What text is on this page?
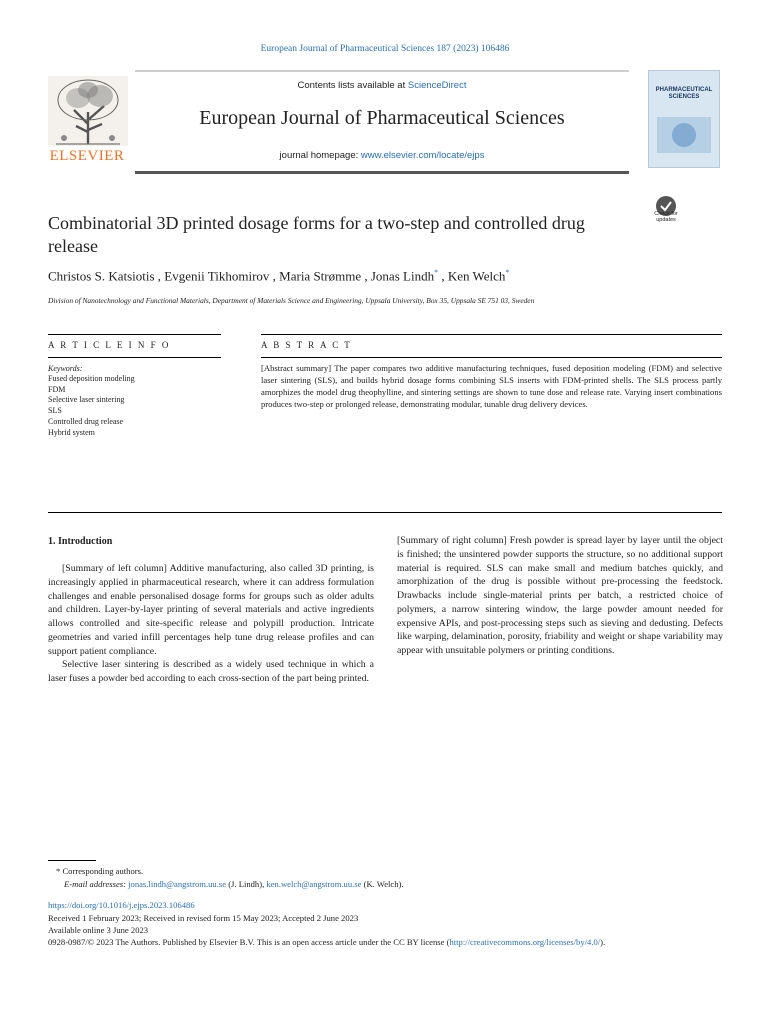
European Journal of Pharmaceutical Sciences 187 (2023) 106486
Contents lists available at ScienceDirect
European Journal of Pharmaceutical Sciences
journal homepage: www.elsevier.com/locate/ejps
ELSEVIER
PHARMACEUTICAL SCIENCES
Check for updates
Combinatorial 3D printed dosage forms for a two-step and controlled drug release
Christos S. Katsiotis , Evgenii Tikhomirov , Maria Strømme , Jonas Lindh* , Ken Welch*
Division of Nanotechnology and Functional Materials, Department of Materials Science and Engineering, Uppsala University, Box 35, Uppsala SE 751 03, Sweden
A R T I C L E I N F O	A B S T R A C T
Keywords:
Fused deposition modeling
FDM
Selective laser sintering
SLS
Controlled drug release
Hybrid system
[Abstract summary] The paper compares two additive manufacturing techniques, fused deposition modeling (FDM) and selective laser sintering (SLS), and builds hybrid dosage forms combining SLS inserts with FDM-printed shells. The SLS process partly amorphizes the model drug theophylline, and sintering settings are shown to tune dose and release rate. Varying insert combinations produces two-step or prolonged release, demonstrating modular, tunable drug delivery devices.
1. Introduction

[Summary of left column] Additive manufacturing, also called 3D printing, is increasingly applied in pharmaceutical research, where it can address formulation challenges and enable personalised dosage forms for groups such as older adults and children. Layer-by-layer printing of several materials and active ingredients allows controlled and site-specific release and polypill production. Intricate geometries and varied infill percentages help tune drug release profiles and can support patient compliance.

Selective laser sintering is described as a widely used technique in which a laser fuses a powder bed according to each cross-section of the part being printed.

[Summary of right column] Fresh powder is spread layer by layer until the object is finished; the unsintered powder supports the structure, so no additional support material is required. SLS can make small and medium batches quickly, and amorphization of the drug is possible without pre-processing the feedstock. Drawbacks include single-material prints per batch, a restricted choice of polymers, a narrow sintering window, the large powder amount needed for expensive APIs, and post-processing steps such as sieving and dedusting. Defects like warping, delamination, porosity, friability and weight or shape variability may appear with unsuitable polymers or printing conditions.

* Corresponding authors.
E-mail addresses: jonas.lindh@angstrom.uu.se (J. Lindh), ken.welch@angstrom.uu.se (K. Welch).
https://doi.org/10.1016/j.ejps.2023.106486
Received 1 February 2023; Received in revised form 15 May 2023; Accepted 2 June 2023
Available online 3 June 2023
0928-0987/© 2023 The Authors. Published by Elsevier B.V. This is an open access article under the CC BY license (http://creativecommons.org/licenses/by/4.0/).
